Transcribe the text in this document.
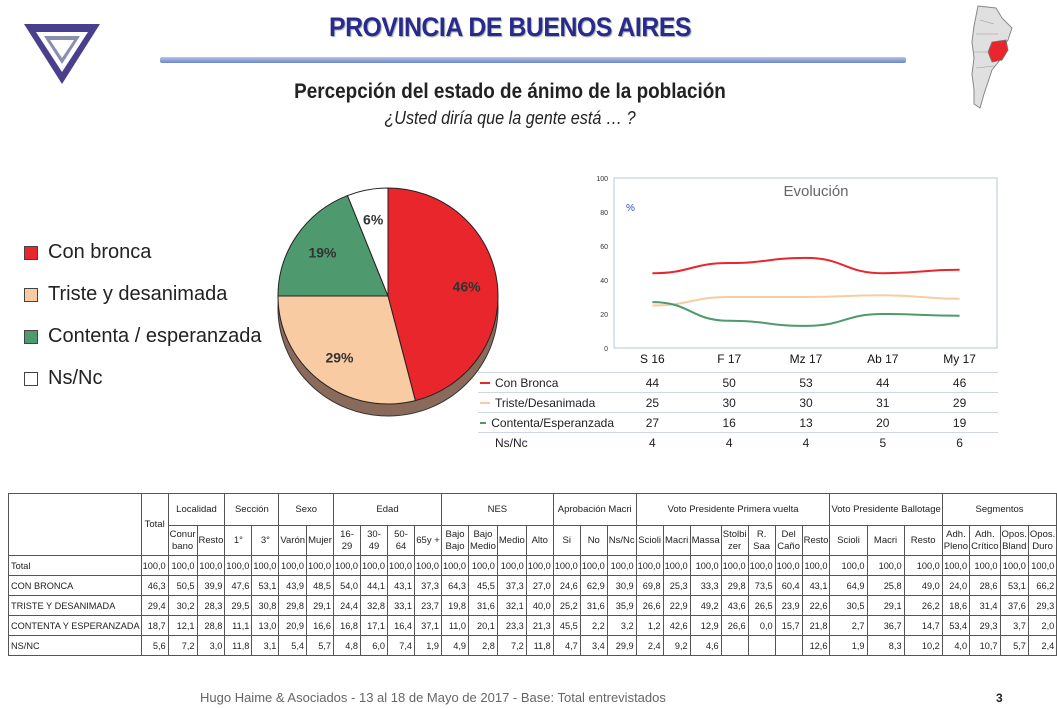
PROVINCIA DE BUENOS AIRES
Percepción del estado de ánimo de la población
¿Usted diría que la gente está … ?
Con bronca
Triste y desanimada
Contenta / esperanzada
Ns/Nc
46%
29%
19%
6%
0
20
40
60
80
100
Evolución
%
S 16	F 17	Mz 17	Ab 17	My 17
Con Bronca	44	50	53	44	46
Triste/Desanimada	25	30	30	31	29
Contenta/Esperanzada	27	16	13	20	19
Ns/Nc	4	4	4	5	6
	Total	Localidad		Sección		Sexo		Edad				NES				Aprobación Macri			Voto Presidente Primera vuelta							Voto Presidente Ballotage			Segmentos			
		Conur bano	Resto	1°	3°	Varón	Mujer	16-29	30-49	50-64	65y +	Bajo Bajo	Bajo Medio	Medio	Alto	Si	No	Ns/Nc	Scioli	Macri	Massa	Stolbi zer	R. Saa	Del Caño	Resto	Scioli	Macri	Resto	Adh. Pleno	Adh. Crítico	Opos. Bland	Opos. Duro
Total	100,0	100,0	100,0	100,0	100,0	100,0	100,0	100,0	100,0	100,0	100,0	100,0	100,0	100,0	100,0	100,0	100,0	100,0	100,0	100,0	100,0	100,0	100,0	100,0	100,0	100,0	100,0	100,0	100,0	100,0	100,0	100,0
CON BRONCA	46,3	50,5	39,9	47,6	53,1	43,9	48,5	54,0	44,1	43,1	37,3	64,3	45,5	37,3	27,0	24,6	62,9	30,9	69,8	25,3	33,3	29,8	73,5	60,4	43,1	64,9	25,8	49,0	24,0	28,6	53,1	66,2
TRISTE Y DESANIMADA	29,4	30,2	28,3	29,5	30,8	29,8	29,1	24,4	32,8	33,1	23,7	19,8	31,6	32,1	40,0	25,2	31,6	35,9	26,6	22,9	49,2	43,6	26,5	23,9	22,6	30,5	29,1	26,2	18,6	31,4	37,6	29,3
CONTENTA Y ESPERANZADA	18,7	12,1	28,8	11,1	13,0	20,9	16,6	16,8	17,1	16,4	37,1	11,0	20,1	23,3	21,3	45,5	2,2	3,2	1,2	42,6	12,9	26,6	0,0	15,7	21,8	2,7	36,7	14,7	53,4	29,3	3,7	2,0
NS/NC	5,6	7,2	3,0	11,8	3,1	5,4	5,7	4,8	6,0	7,4	1,9	4,9	2,8	7,2	11,8	4,7	3,4	29,9	2,4	9,2	4,6				12,6	1,9	8,3	10,2	4,0	10,7	5,7	2,4
Hugo Haime & Asociados - 13 al 18 de Mayo de 2017 - Base: Total entrevistados	3
